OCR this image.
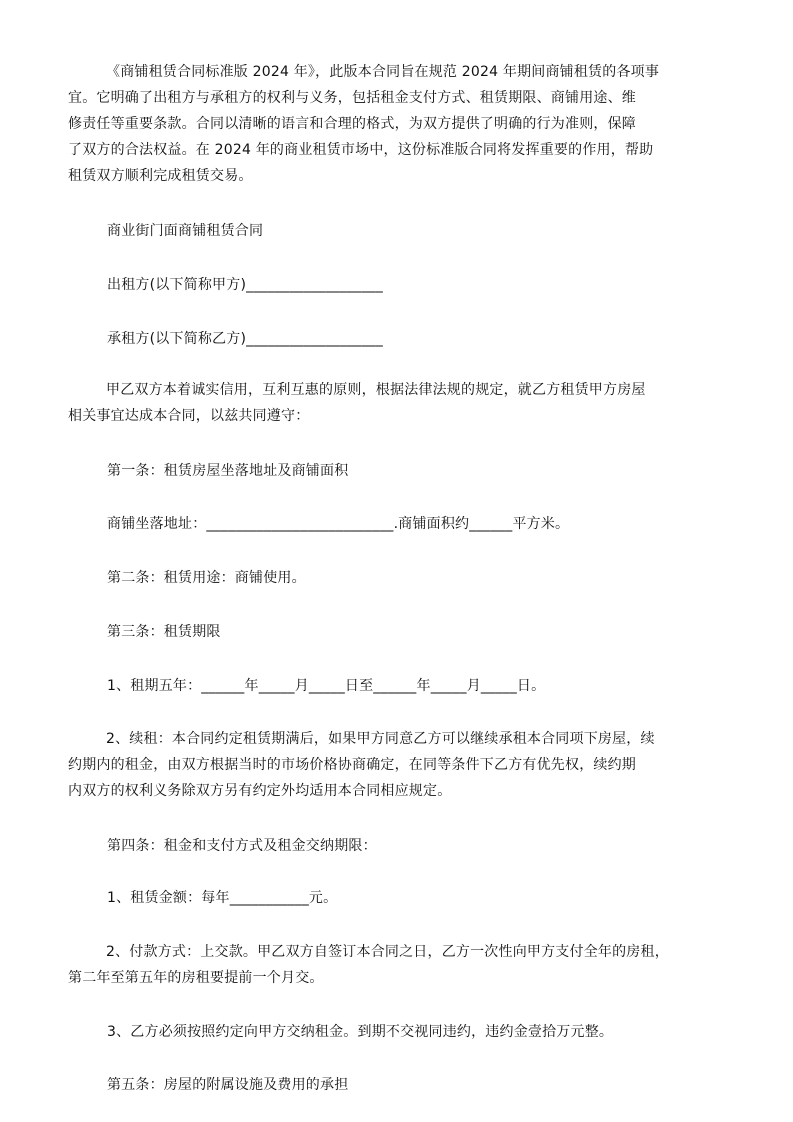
《商铺租赁合同标准版 2024 年》，此版本合同旨在规范 2024 年期间商铺租赁的各项事
宜。它明确了出租方与承租方的权利与义务，包括租金支付方式、租赁期限、商铺用途、维
修责任等重要条款。合同以清晰的语言和合理的格式，为双方提供了明确的行为准则，保障
了双方的合法权益。在 2024 年的商业租赁市场中，这份标准版合同将发挥重要的作用，帮助
租赁双方顺利完成租赁交易。
商业街门面商铺租赁合同
出租方(以下简称甲方)___________________
承租方(以下简称乙方)___________________
甲乙双方本着诚实信用，互利互惠的原则，根据法律法规的规定，就乙方租赁甲方房屋
相关事宜达成本合同，以兹共同遵守：
第一条：租赁房屋坐落地址及商铺面积
商铺坐落地址：__________________________.商铺面积约______平方米。
第二条：租赁用途：商铺使用。
第三条：租赁期限
1、租期五年：______年_____月_____日至______年_____月_____日。
2、续租：本合同约定租赁期满后，如果甲方同意乙方可以继续承租本合同项下房屋，续
约期内的租金，由双方根据当时的市场价格协商确定，在同等条件下乙方有优先权，续约期
内双方的权利义务除双方另有约定外均适用本合同相应规定。
第四条：租金和支付方式及租金交纳期限：
1、租赁金额：每年___________元。
2、付款方式：上交款。甲乙双方自签订本合同之日，乙方一次性向甲方支付全年的房租，
第二年至第五年的房租要提前一个月交。
3、乙方必须按照约定向甲方交纳租金。到期不交视同违约，违约金壹拾万元整。
第五条：房屋的附属设施及费用的承担
